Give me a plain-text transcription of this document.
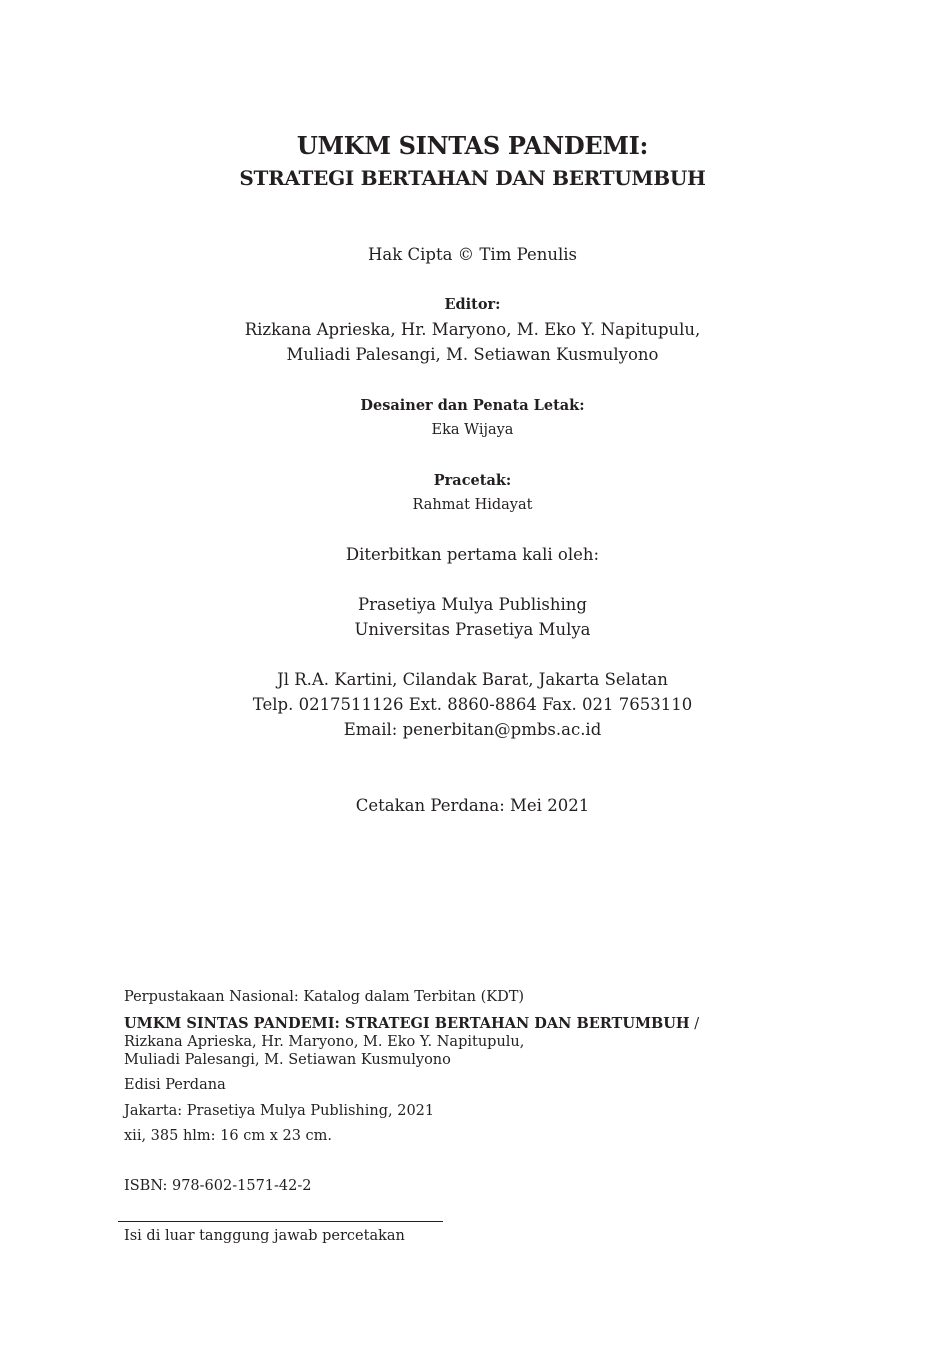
UMKM SINTAS PANDEMI:
STRATEGI BERTAHAN DAN BERTUMBUH
Hak Cipta © Tim Penulis
Editor:
Rizkana Aprieska, Hr. Maryono, M. Eko Y. Napitupulu,
Muliadi Palesangi, M. Setiawan Kusmulyono
Desainer dan Penata Letak:
Eka Wijaya
Pracetak:
Rahmat Hidayat
Diterbitkan pertama kali oleh:
Prasetiya Mulya Publishing
Universitas Prasetiya Mulya
Jl R.A. Kartini, Cilandak Barat, Jakarta Selatan
Telp. 0217511126 Ext. 8860-8864 Fax. 021 7653110
Email: penerbitan@pmbs.ac.id
Cetakan Perdana: Mei 2021
Perpustakaan Nasional: Katalog dalam Terbitan (KDT)
UMKM SINTAS PANDEMI: STRATEGI BERTAHAN DAN BERTUMBUH /
Rizkana Aprieska, Hr. Maryono, M. Eko Y. Napitupulu,
Muliadi Palesangi, M. Setiawan Kusmulyono
Edisi Perdana
Jakarta: Prasetiya Mulya Publishing, 2021
xii, 385 hlm: 16 cm x 23 cm.
ISBN: 978-602-1571-42-2
Isi di luar tanggung jawab percetakan
